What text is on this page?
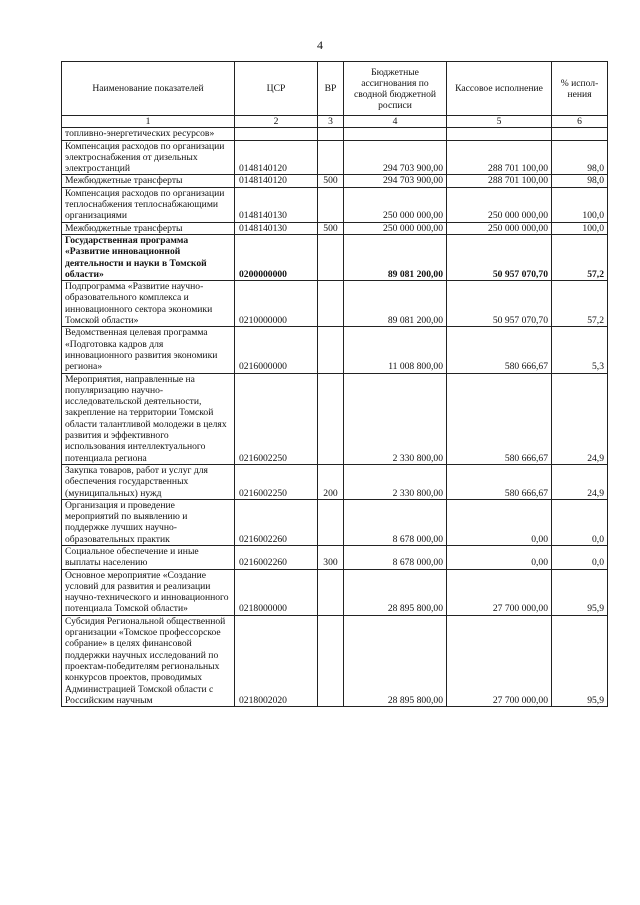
4
Наименование показателей	ЦСР	ВР	Бюджетные ассигнования по сводной бюджетной росписи	Кассовое исполнение	% испол-нения
1	2	3	4	5	6
топливно-энергетических ресурсов»					
Компенсация расходов по организации электроснабжения от дизельных электростанций	0148140120		294 703 900,00	288 701 100,00	98,0
Межбюджетные трансферты	0148140120	500	294 703 900,00	288 701 100,00	98,0
Компенсация расходов по организации теплоснабжения теплоснабжающими организациями	0148140130		250 000 000,00	250 000 000,00	100,0
Межбюджетные трансферты	0148140130	500	250 000 000,00	250 000 000,00	100,0
Государственная программа «Развитие инновационной деятельности и науки в Томской области»	0200000000		89 081 200,00	50 957 070,70	57,2
Подпрограмма «Развитие научно-образовательного комплекса и инновационного сектора экономики Томской области»	0210000000		89 081 200,00	50 957 070,70	57,2
Ведомственная целевая программа «Подготовка кадров для инновационного развития экономики региона»	0216000000		11 008 800,00	580 666,67	5,3
Мероприятия, направленные на популяризацию научно-исследовательской деятельности, закрепление на территории Томской области талантливой молодежи в целях развития и эффективного использования интеллектуального потенциала региона	0216002250		2 330 800,00	580 666,67	24,9
Закупка товаров, работ и услуг для обеспечения государственных (муниципальных) нужд	0216002250	200	2 330 800,00	580 666,67	24,9
Организация и проведение мероприятий по выявлению и поддержке лучших научно-образовательных практик	0216002260		8 678 000,00	0,00	0,0
Социальное обеспечение и иные выплаты населению	0216002260	300	8 678 000,00	0,00	0,0
Основное мероприятие «Создание условий для развития и реализации научно-технического и инновационного потенциала Томской области»	0218000000		28 895 800,00	27 700 000,00	95,9
Субсидия Региональной общественной организации «Томское профессорское собрание» в целях финансовой поддержки научных исследований по проектам-победителям региональных конкурсов проектов, проводимых Администрацией Томской области с Российским научным	0218002020		28 895 800,00	27 700 000,00	95,9
